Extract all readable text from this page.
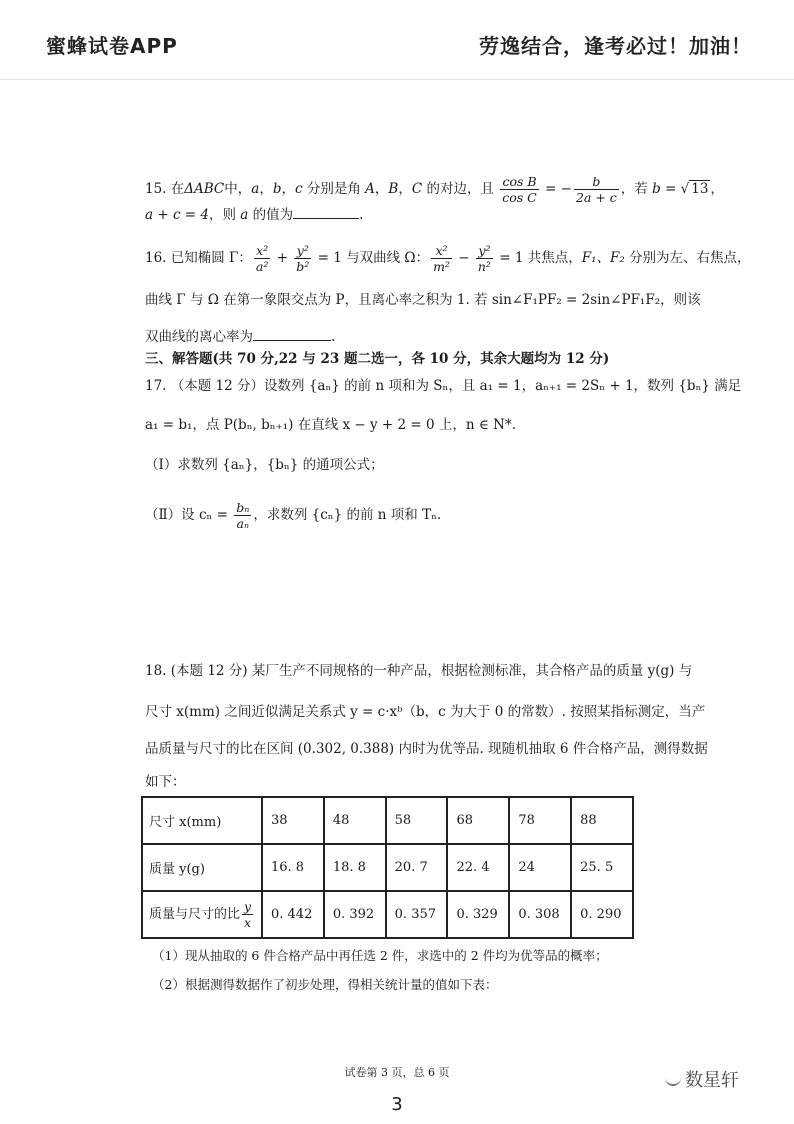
蜜蜂试卷APP	劳逸结合，逢考必过！加油！
15. 在ΔABC中，a，b，c 分别是角 A，B，C 的对边，且 $\frac{\text{cos B}}{\text{cos C}}$ = − $\frac{b}{2a + c}$ ，若 b = √ 13 ，
a + c = 4，则 a 的值为	.
16. 已知椭圆 Γ： $\frac{\text{x²}}{\text{a²}} + \frac{\text{y²}}{\text{b²}} = 1$ 与双曲线 Ω： $\frac{\text{x²}}{\text{m²}} - \frac{\text{y²}}{\text{n²}} = 1$ 共焦点，F₁、F₂ 分别为左、右焦点，
曲线 Γ 与 Ω 在第一象限交点为 P，且离心率之积为 1. 若 sin∠F₁PF₂ = 2sin∠PF₁F₂，则该
双曲线的离心率为	.
三、解答题(共 70 分,22 与 23 题二选一，各 10 分，其余大题均为 12 分)
17. （本题 12 分）设数列 {aₙ} 的前 n 项和为 Sₙ，且 a₁ = 1，aₙ₊₁ = 2Sₙ + 1，数列 {bₙ} 满足
a₁ = b₁，点 P(bₙ, bₙ₊₁) 在直线 x − y + 2 = 0 上，n ∈ N*.
（Ⅰ）求数列 {aₙ}，{bₙ} 的通项公式；
（Ⅱ）设 $c_n = \frac{\text{bₙ}}{\text{aₙ}}$ ，求数列 {cₙ} 的前 n 项和 Tₙ.
18. (本题 12 分) 某厂生产不同规格的一种产品，根据检测标准，其合格产品的质量 y(g) 与
尺寸 x(mm) 之间近似满足关系式 y = c·xᵇ（b，c 为大于 0 的常数）. 按照某指标测定，当产
品质量与尺寸的比在区间 (0.302, 0.388) 内时为优等品. 现随机抽取 6 件合格产品，测得数据
如下：
尺寸 x(mm)	38	48	58	68	78	88
质量 y(g)	16. 8	18. 8	20. 7	22. 4	24	25. 5
质量与尺寸的比 $\frac{y}{x}$	0. 442	0. 392	0. 357	0. 329	0. 308	0. 290
（1）现从抽取的 6 件合格产品中再任选 2 件，求选中的 2 件均为优等品的概率；
（2）根据测得数据作了初步处理，得相关统计量的值如下表：
试卷第 3 页，总 6 页	数星轩
3
